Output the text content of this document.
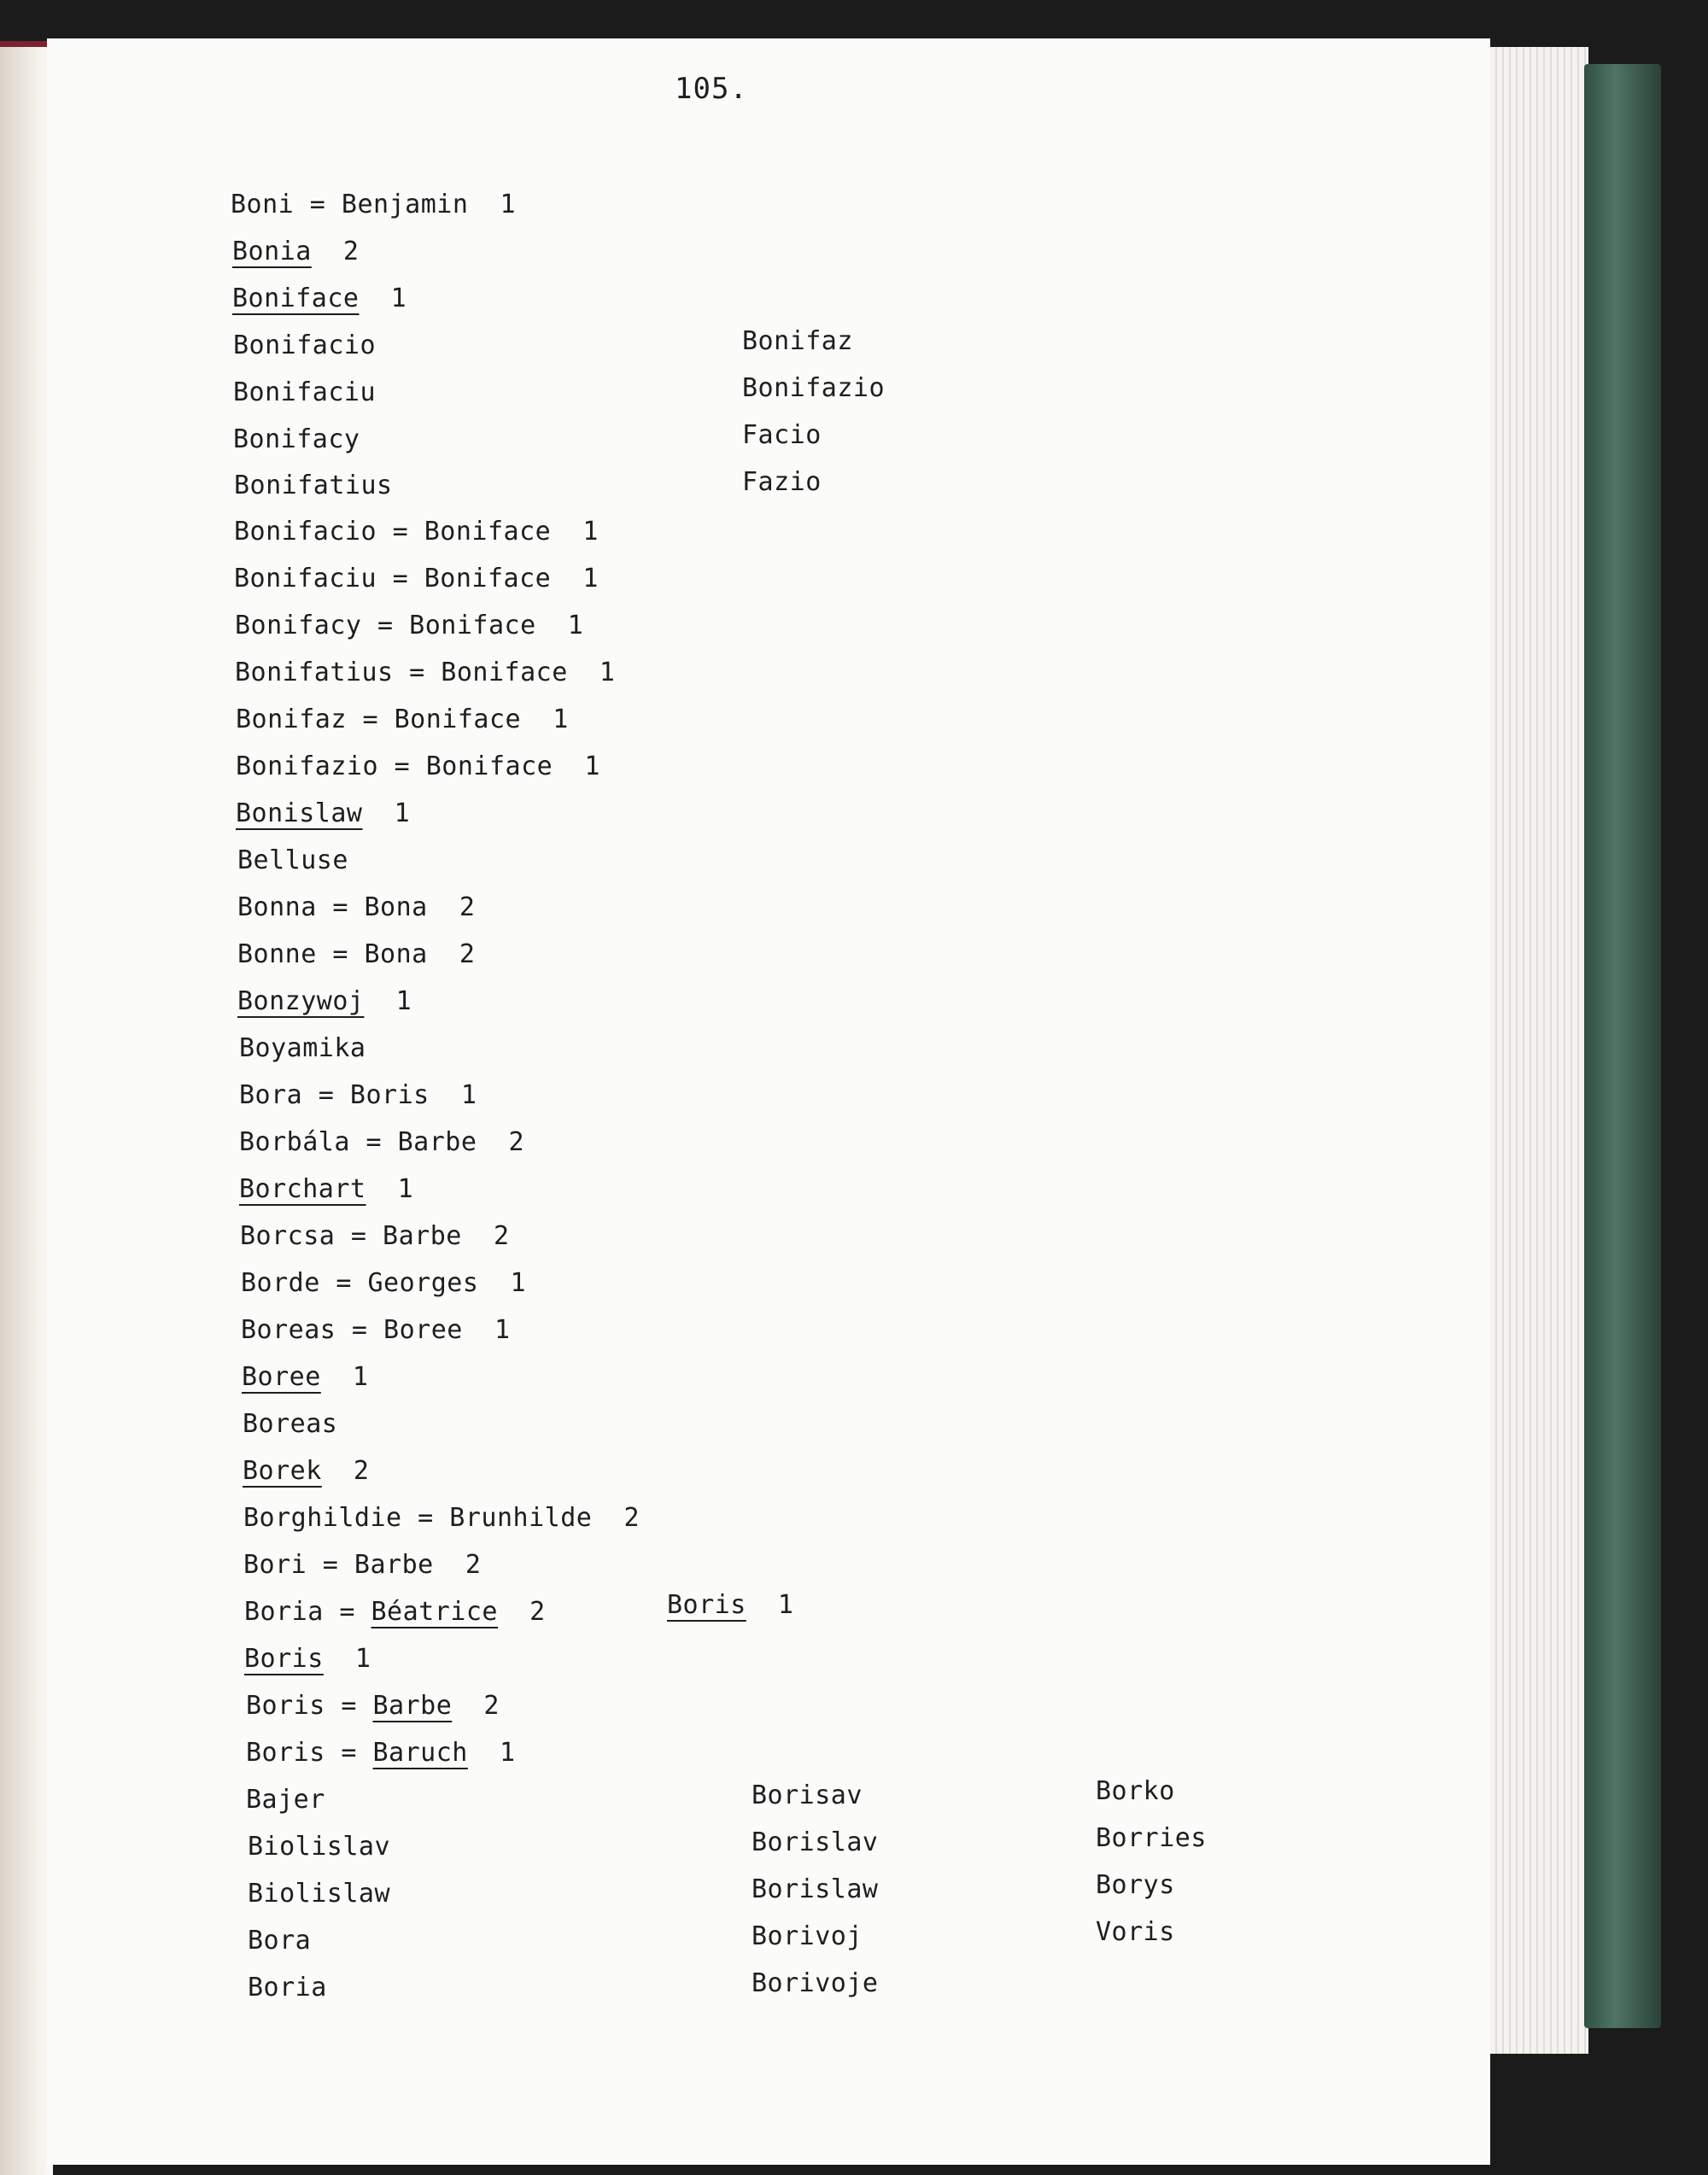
105.
Boni = Benjamin  1
Bonia  2
Boniface  1
Bonifacio
Bonifaciu
Bonifacy
Bonifatius
Bonifacio = Boniface  1
Bonifaciu = Boniface  1
Bonifacy = Boniface  1
Bonifatius = Boniface  1
Bonifaz = Boniface  1
Bonifazio = Boniface  1
Bonislaw  1
Belluse
Bonna = Bona  2
Bonne = Bona  2
Bonzywoj  1
Boyamika
Bora = Boris  1
Borbála = Barbe  2
Borchart  1
Borcsa = Barbe  2
Borde = Georges  1
Boreas = Boree  1
Boree  1
Boreas
Borek  2
Borghildie = Brunhilde  2
Bori = Barbe  2
Boria = Béatrice  2
Boris  1
Boris = Barbe  2
Boris = Baruch  1
Bajer
Biolislav
Biolislaw
Bora
Boria
Bonifaz
Bonifazio
Facio
Fazio
Boris  1
Borisav
Borislav
Borislaw
Borivoj
Borivoje
Borko
Borries
Borys
Voris
